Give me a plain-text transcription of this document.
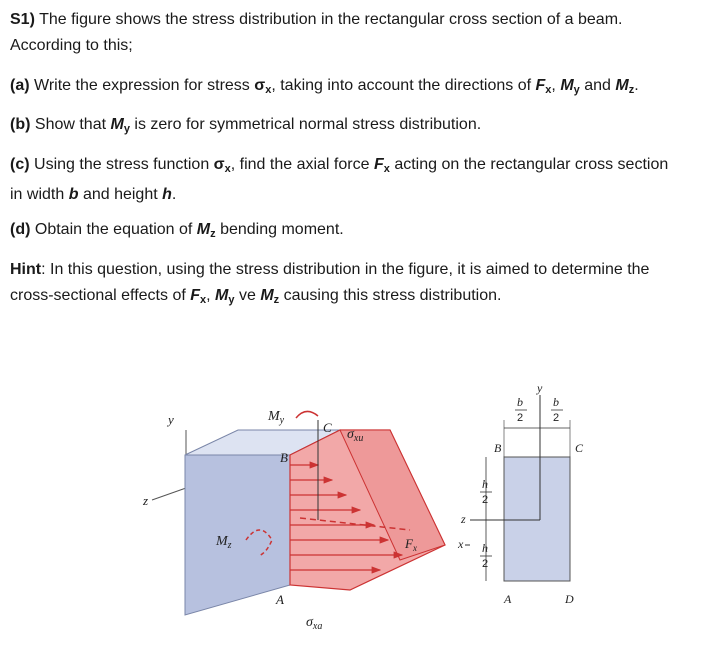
S1) The figure shows the stress distribution in the rectangular cross section of a beam.
According to this;
(a) Write the expression for stress $\sigma_x$, taking into account the directions of $F_x$, $M_y$ and $M_z$.
(b) Show that $M_y$ is zero for symmetrical normal stress distribution.
(c) Using the stress function $\sigma_x$, find the axial force $F_x$ acting on the rectangular cross section
in width b and height h.
(d) Obtain the equation of $M_z$ bending moment.
Hint: In this question, using the stress distribution in the figure, it is aimed to determine the
cross-sectional effects of $F_x$, $M_y$ ve $M_z$ causing this stress distribution.
y
z
$M_y$	C $\sigma_{xu}$
B
$M_z$	$F_x$
A
$\sigma_{xa}$
y
z
x
b
2
b
2
h
2
h
2
B	C
A	D
